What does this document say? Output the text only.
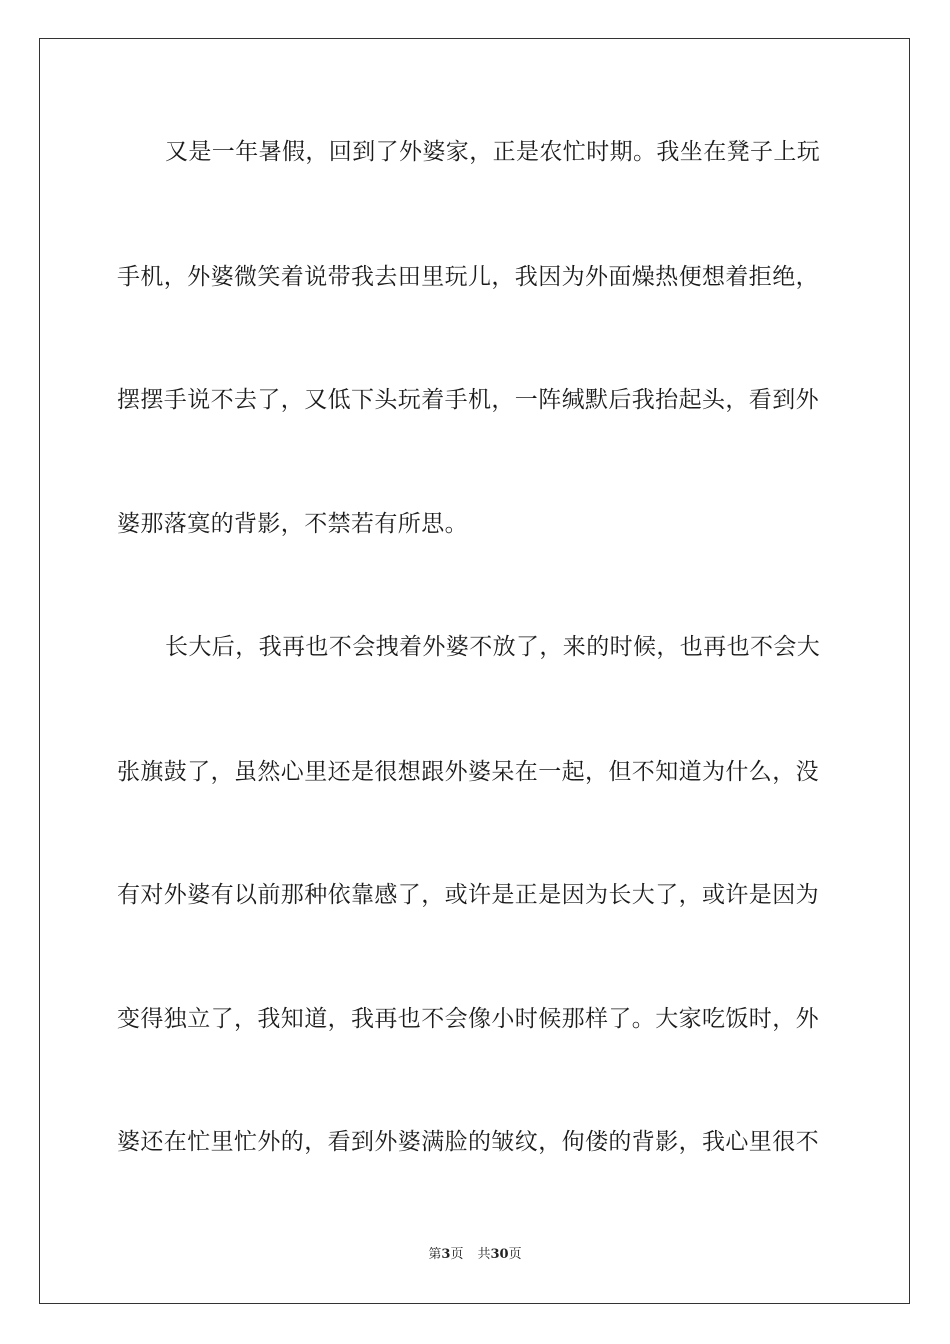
又是一年暑假，回到了外婆家，正是农忙时期。我坐在凳子上玩
手机，外婆微笑着说带我去田里玩儿，我因为外面燥热便想着拒绝，
摆摆手说不去了，又低下头玩着手机，一阵缄默后我抬起头，看到外
婆那落寞的背影，不禁若有所思。
长大后，我再也不会拽着外婆不放了，来的时候，也再也不会大
张旗鼓了，虽然心里还是很想跟外婆呆在一起，但不知道为什么，没
有对外婆有以前那种依靠感了，或许是正是因为长大了，或许是因为
变得独立了，我知道，我再也不会像小时候那样了。大家吃饭时，外
婆还在忙里忙外的，看到外婆满脸的皱纹，佝偻的背影，我心里很不
第3页 共30页
